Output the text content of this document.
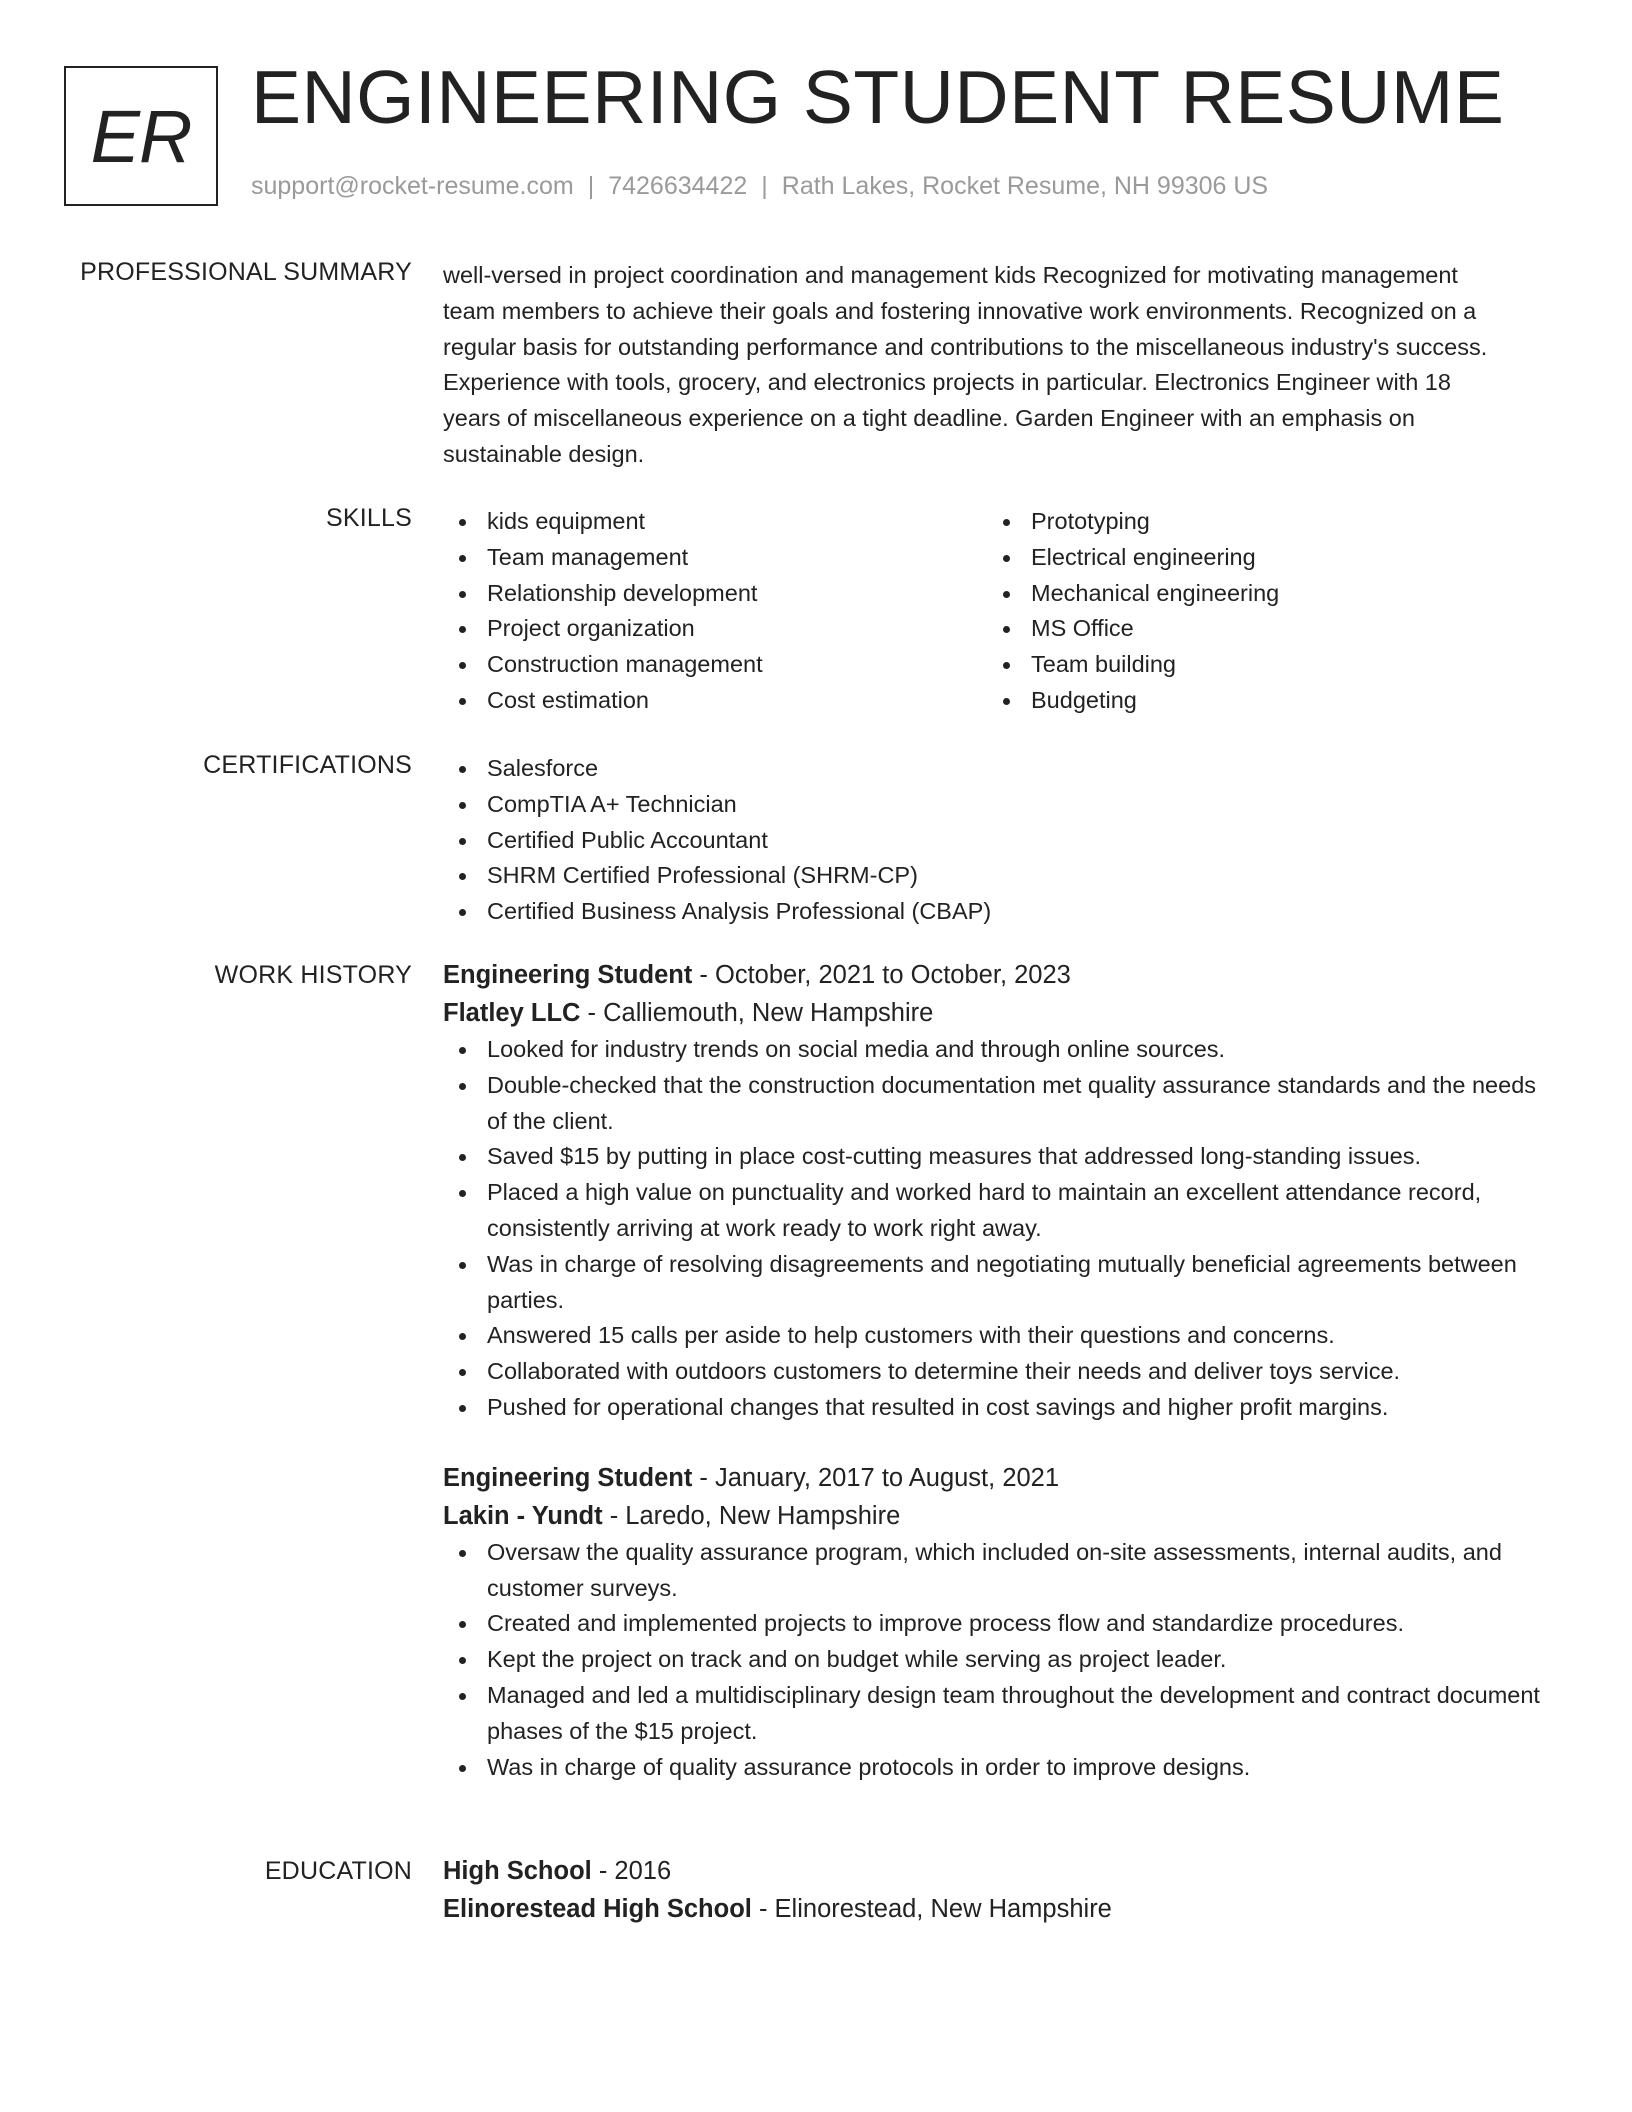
ER ENGINEERING STUDENT RESUME
support@rocket-resume.com | 7426634422 | Rath Lakes, Rocket Resume, NH 99306 US
PROFESSIONAL SUMMARY well-versed in project coordination and management kids Recognized for motivating management
team members to achieve their goals and fostering innovative work environments. Recognized on a
regular basis for outstanding performance and contributions to the miscellaneous industry's success.
Experience with tools, grocery, and electronics projects in particular. Electronics Engineer with 18
years of miscellaneous experience on a tight deadline. Garden Engineer with an emphasis on
sustainable design.
SKILLS	kids equipment
Team management
Relationship development
Project organization
Construction management
Cost estimation
Prototyping
Electrical engineering
Mechanical engineering
MS Office
Team building
Budgeting
CERTIFICATIONS	Salesforce
CompTIA A+ Technician
Certified Public Accountant
SHRM Certified Professional (SHRM-CP)
Certified Business Analysis Professional (CBAP)
WORK HISTORY Engineering Student - October, 2021 to October, 2023
Flatley LLC - Calliemouth, New Hampshire
Looked for industry trends on social media and through online sources.
Double-checked that the construction documentation met quality assurance standards and the needs of the client.
Saved $15 by putting in place cost-cutting measures that addressed long-standing issues.
Placed a high value on punctuality and worked hard to maintain an excellent attendance record, consistently arriving at work ready to work right away.
Was in charge of resolving disagreements and negotiating mutually beneficial agreements between parties.
Answered 15 calls per aside to help customers with their questions and concerns.
Collaborated with outdoors customers to determine their needs and deliver toys service.
Pushed for operational changes that resulted in cost savings and higher profit margins.
Engineering Student - January, 2017 to August, 2021
Lakin - Yundt - Laredo, New Hampshire
Oversaw the quality assurance program, which included on-site assessments, internal audits, and customer surveys.
Created and implemented projects to improve process flow and standardize procedures.
Kept the project on track and on budget while serving as project leader.
Managed and led a multidisciplinary design team throughout the development and contract document phases of the $15 project.
Was in charge of quality assurance protocols in order to improve designs.
EDUCATION High School - 2016
Elinorestead High School - Elinorestead, New Hampshire
